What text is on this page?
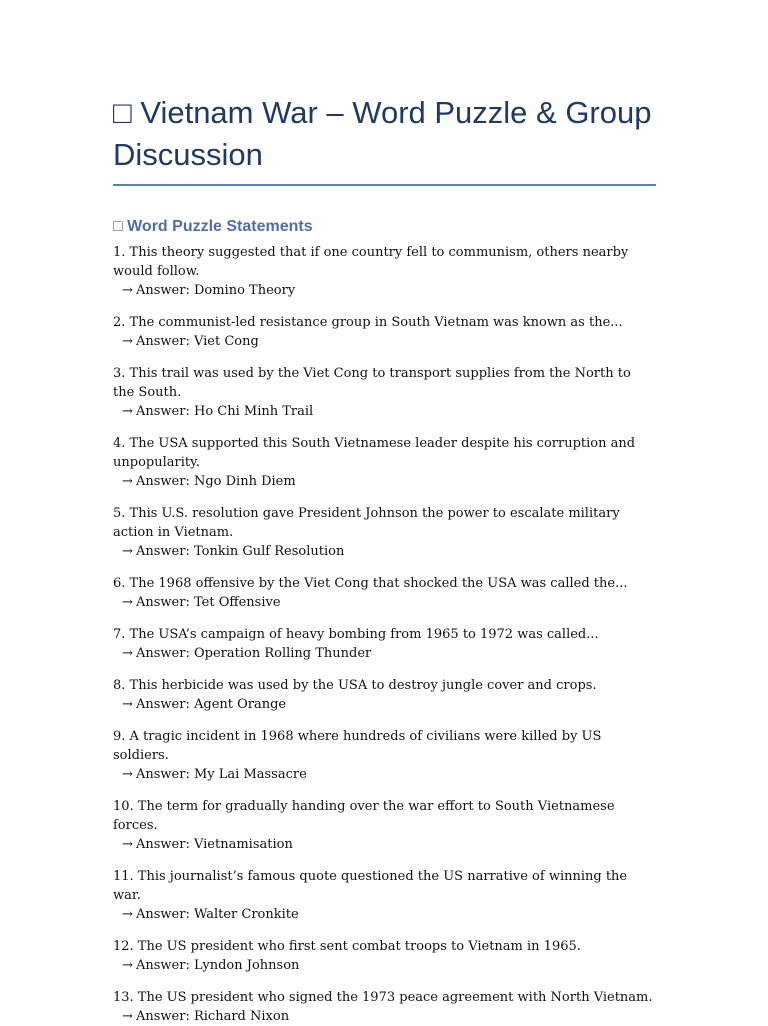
□ Vietnam War – Word Puzzle & Group Discussion
□ Word Puzzle Statements
1. This theory suggested that if one country fell to communism, others nearby would follow.
→ Answer: Domino Theory
2. The communist-led resistance group in South Vietnam was known as the...
→ Answer: Viet Cong
3. This trail was used by the Viet Cong to transport supplies from the North to the South.
→ Answer: Ho Chi Minh Trail
4. The USA supported this South Vietnamese leader despite his corruption and unpopularity.
→ Answer: Ngo Dinh Diem
5. This U.S. resolution gave President Johnson the power to escalate military action in Vietnam.
→ Answer: Tonkin Gulf Resolution
6. The 1968 offensive by the Viet Cong that shocked the USA was called the...
→ Answer: Tet Offensive
7. The USA’s campaign of heavy bombing from 1965 to 1972 was called...
→ Answer: Operation Rolling Thunder
8. This herbicide was used by the USA to destroy jungle cover and crops.
→ Answer: Agent Orange
9. A tragic incident in 1968 where hundreds of civilians were killed by US soldiers.
→ Answer: My Lai Massacre
10. The term for gradually handing over the war effort to South Vietnamese forces.
→ Answer: Vietnamisation
11. This journalist’s famous quote questioned the US narrative of winning the war.
→ Answer: Walter Cronkite
12. The US president who first sent combat troops to Vietnam in 1965.
→ Answer: Lyndon Johnson
13. The US president who signed the 1973 peace agreement with North Vietnam.
→ Answer: Richard Nixon
